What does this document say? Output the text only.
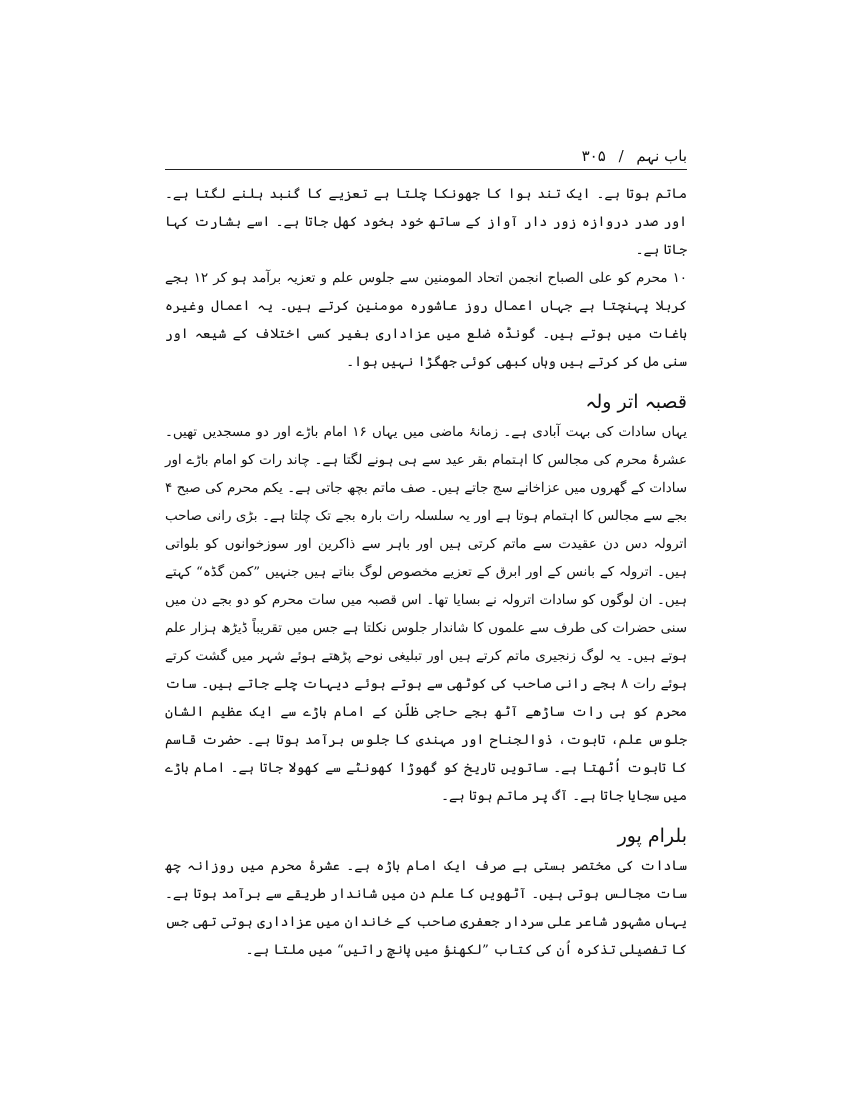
باب نہم / ۳۰۵

ماتم ہوتا ہے۔ ایک تند ہوا کا جھونکا چلتا ہے تعزیے کا گنبد ہلنے لگتا ہے۔ اور صدر دروازہ زور دار آواز کے ساتھ خود بخود کھل جاتا ہے۔ اسے بشارت کہا جاتا ہے۔

۱۰ محرم کو علی الصباح انجمن اتحاد المومنین سے جلوس علم و تعزیہ برآمد ہو کر ۱۲ بجے کربلا پہنچتا ہے جہاں اعمال روز عاشورہ مومنین کرتے ہیں۔ یہ اعمال وغیرہ باغات میں ہوتے ہیں۔ گونڈہ ضلع میں عزاداری بغیر کسی اختلاف کے شیعہ اور سنی مل کر کرتے ہیں وہاں کبھی کوئی جھگڑا نہیں ہوا۔

قصبہ اتر ولہ

یہاں سادات کی بہت آبادی ہے۔ زمانۂ ماضی میں یہاں ۱۶ امام باڑے اور دو مسجدیں تھیں۔ عشرۂ محرم کی مجالس کا اہتمام بقر عید سے ہی ہونے لگتا ہے۔ چاند رات کو امام باڑے اور سادات کے گھروں میں عزاخانے سج جاتے ہیں۔ صف ماتم بچھ جاتی ہے۔ یکم محرم کی صبح ۴ بجے سے مجالس کا اہتمام ہوتا ہے اور یہ سلسلہ رات بارہ بجے تک چلتا ہے۔ بڑی رانی صاحب اترولہ دس دن عقیدت سے ماتم کرتی ہیں اور باہر سے ذاکرین اور سوزخوانوں کو بلواتی ہیں۔ اترولہ کے بانس کے اور ابرق کے تعزیے مخصوص لوگ بناتے ہیں جنہیں ”کمن گڈہ“ کہتے ہیں۔ ان لوگوں کو سادات اترولہ نے بسایا تھا۔ اس قصبہ میں سات محرم کو دو بجے دن میں سنی حضرات کی طرف سے علموں کا شاندار جلوس نکلتا ہے جس میں تقریباً ڈیڑھ ہزار علم ہوتے ہیں۔ یہ لوگ زنجیری ماتم کرتے ہیں اور تبلیغی نوحے پڑھتے ہوئے شہر میں گشت کرتے ہوئے رات ۸ بجے رانی صاحب کی کوٹھی سے ہوتے ہوئے دیہات چلے جاتے ہیں۔ سات محرم کو ہی رات ساڑھے آٹھ بجے حاجی ظلّن کے امام باڑے سے ایک عظیم الشان جلوس علم، تابوت، ذوالجناح اور مہندی کا جلوس برآمد ہوتا ہے۔ حضرت قاسم کا تابوت اُٹھتا ہے۔ ساتویں تاریخ کو گھوڑا کھونٹے سے کھولا جاتا ہے۔ امام باڑے میں سجایا جاتا ہے۔ آگ پر ماتم ہوتا ہے۔

بلرام پور

سادات کی مختصر بستی ہے صرف ایک امام باڑہ ہے۔ عشرۂ محرم میں روزانہ چھ سات مجالس ہوتی ہیں۔ آٹھویں کا علم دن میں شاندار طریقے سے برآمد ہوتا ہے۔ یہاں مشہور شاعر علی سردار جعفری صاحب کے خاندان میں عزاداری ہوتی تھی جس کا تفصیلی تذکرہ اُن کی کتاب ”لکھنؤ میں پانچ راتیں“ میں ملتا ہے۔
